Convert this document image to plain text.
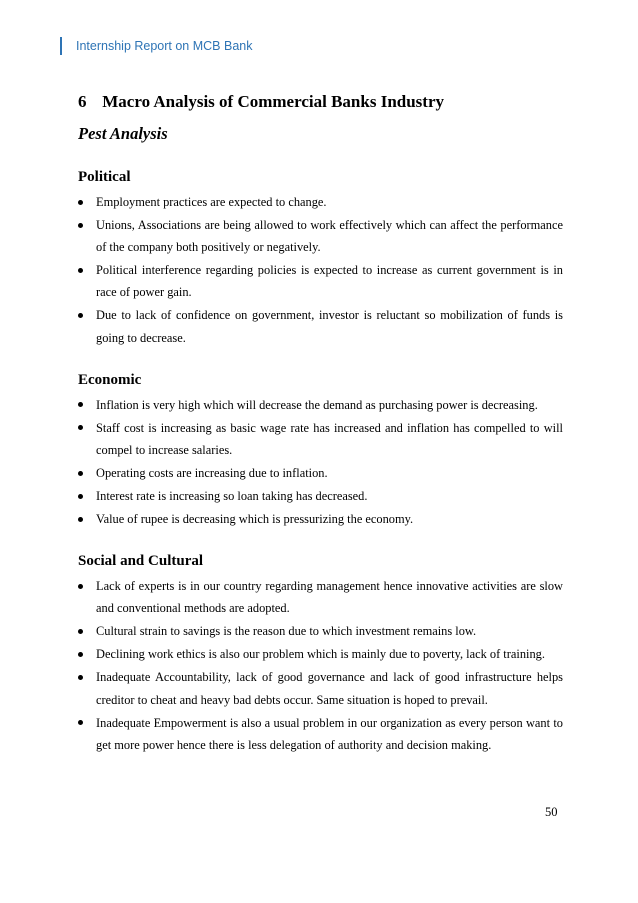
Internship Report on MCB Bank
6 Macro Analysis of Commercial Banks Industry
Pest Analysis
Political
Employment practices are expected to change.
Unions, Associations are being allowed to work effectively which can affect the performance of the company both positively or negatively.
Political interference regarding policies is expected to increase as current government is in race of power gain.
Due to lack of confidence on government, investor is reluctant so mobilization of funds is going to decrease.
Economic
Inflation is very high which will decrease the demand as purchasing power is decreasing.
Staff cost is increasing as basic wage rate has increased and inflation has compelled to will compel to increase salaries.
Operating costs are increasing due to inflation.
Interest rate is increasing so loan taking has decreased.
Value of rupee is decreasing which is pressurizing the economy.
Social and Cultural
Lack of experts is in our country regarding management hence innovative activities are slow and conventional methods are adopted.
Cultural strain to savings is the reason due to which investment remains low.
Declining work ethics is also our problem which is mainly due to poverty, lack of training.
Inadequate Accountability, lack of good governance and lack of good infrastructure helps creditor to cheat and heavy bad debts occur. Same situation is hoped to prevail.
Inadequate Empowerment is also a usual problem in our organization as every person want to get more power hence there is less delegation of authority and decision making.
50
